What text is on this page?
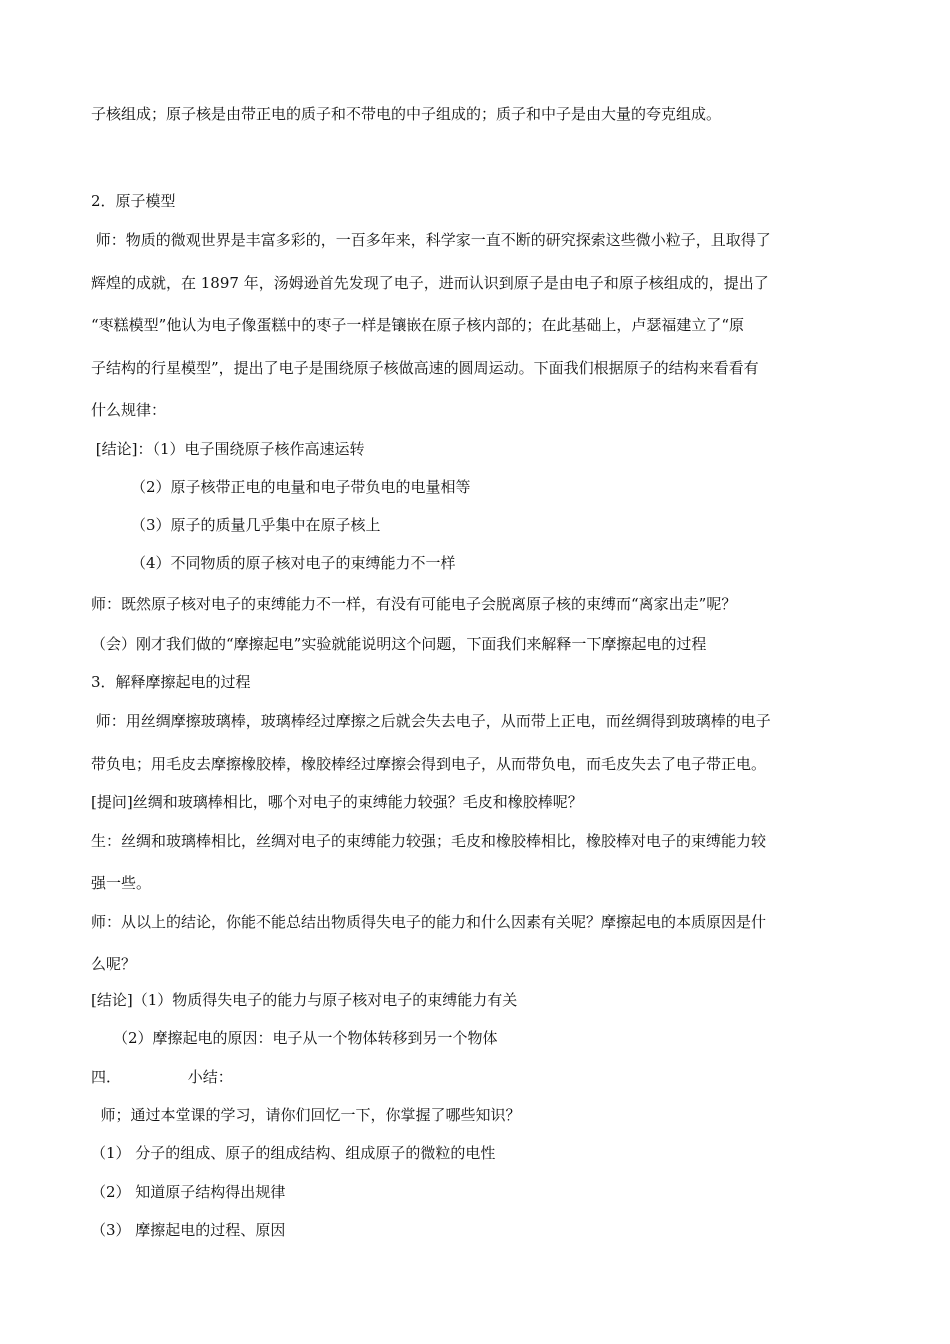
子核组成；原子核是由带正电的质子和不带电的中子组成的；质子和中子是由大量的夸克组成。
2．原子模型
师：物质的微观世界是丰富多彩的，一百多年来，科学家一直不断的研究探索这些微小粒子，且取得了
辉煌的成就，在 1897 年，汤姆逊首先发现了电子，进而认识到原子是由电子和原子核组成的，提出了
“枣糕模型”他认为电子像蛋糕中的枣子一样是镶嵌在原子核内部的；在此基础上，卢瑟福建立了“原
子结构的行星模型”，提出了电子是围绕原子核做高速的圆周运动。下面我们根据原子的结构来看看有
什么规律：
[结论]：（1）电子围绕原子核作高速运转
（2）原子核带正电的电量和电子带负电的电量相等
（3）原子的质量几乎集中在原子核上
（4）不同物质的原子核对电子的束缚能力不一样
师：既然原子核对电子的束缚能力不一样，有没有可能电子会脱离原子核的束缚而“离家出走”呢？
（会）刚才我们做的“摩擦起电”实验就能说明这个问题，下面我们来解释一下摩擦起电的过程
3．解释摩擦起电的过程
师：用丝绸摩擦玻璃棒，玻璃棒经过摩擦之后就会失去电子，从而带上正电，而丝绸得到玻璃棒的电子
带负电；用毛皮去摩擦橡胶棒，橡胶棒经过摩擦会得到电子，从而带负电，而毛皮失去了电子带正电。
[提问]丝绸和玻璃棒相比，哪个对电子的束缚能力较强？毛皮和橡胶棒呢？
生：丝绸和玻璃棒相比，丝绸对电子的束缚能力较强；毛皮和橡胶棒相比，橡胶棒对电子的束缚能力较
强一些。
师：从以上的结论，你能不能总结出物质得失电子的能力和什么因素有关呢？摩擦起电的本质原因是什
么呢？
[结论]（1）物质得失电子的能力与原子核对电子的束缚能力有关
（2）摩擦起电的原因：电子从一个物体转移到另一个物体
四．              小结：
师；通过本堂课的学习，请你们回忆一下，你掌握了哪些知识？
（1） 分子的组成、原子的组成结构、组成原子的微粒的电性
（2） 知道原子结构得出规律
（3） 摩擦起电的过程、原因
